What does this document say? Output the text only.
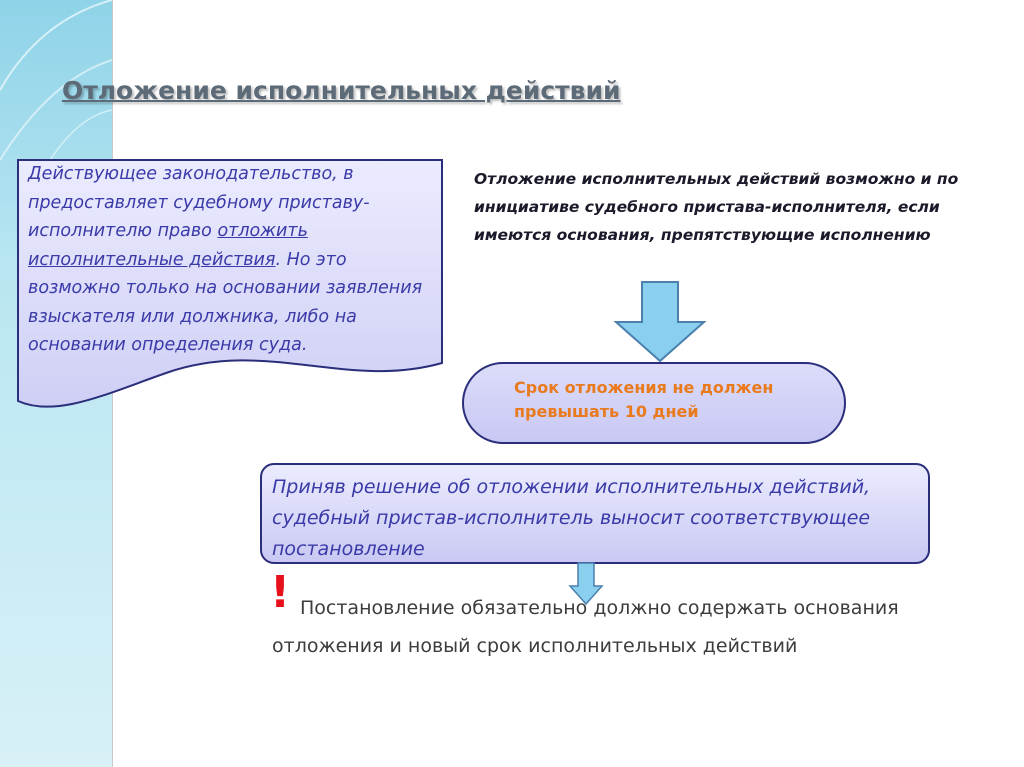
Отложение исполнительных действий

Действующее законодательство, в предоставляет судебному приставу-исполнителю право отложить исполнительные действия. Но это возможно только на основании заявления взыскателя или должника, либо на основании определения суда.

Отложение исполнительных действий возможно и по инициативе судебного пристава-исполнителя, если имеются основания, препятствующие исполнению

Срок отложения не должен превышать 10 дней

Приняв решение об отложении исполнительных действий, судебный пристав-исполнитель выносит соответствующее постановление

! Постановление обязательно должно содержать основания отложения и новый срок исполнительных действий
